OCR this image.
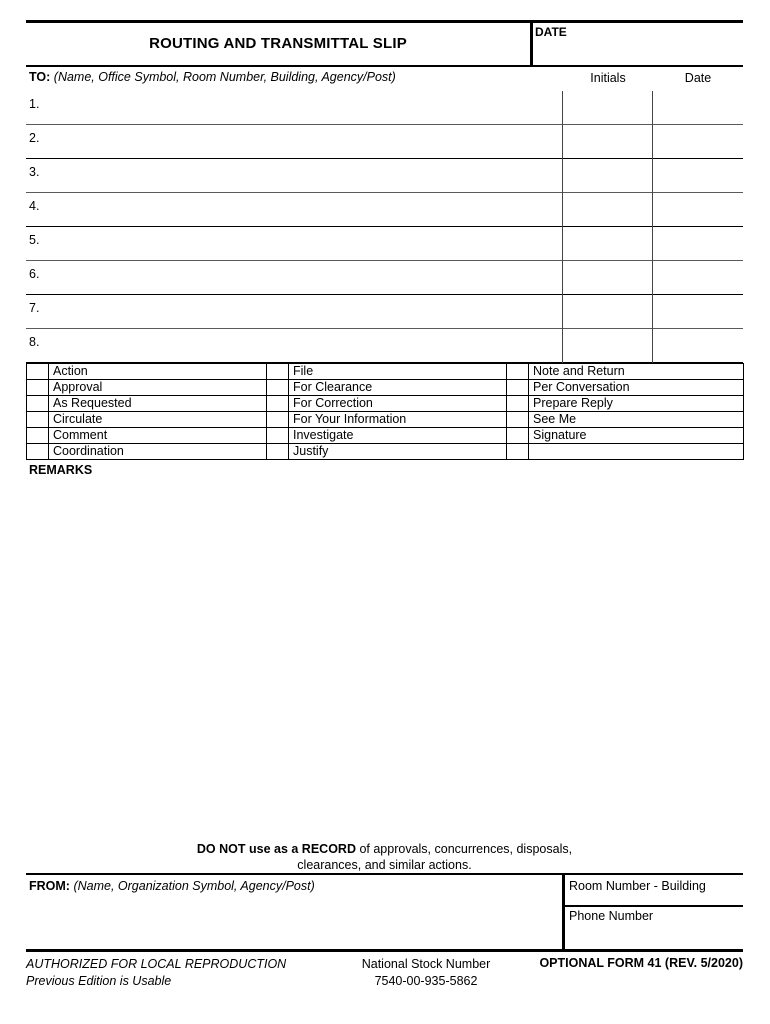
ROUTING AND TRANSMITTAL SLIP
DATE
TO: (Name, Office Symbol, Room Number, Building, Agency/Post)	Initials	Date
1.
2.
3.
4.
5.
6.
7.
8.
	Action		File		Note and Return
	Approval		For Clearance		Per Conversation
	As Requested		For Correction		Prepare Reply
	Circulate		For Your Information		See Me
	Comment		Investigate		Signature
	Coordination		Justify		
REMARKS
DO NOT use as a RECORD of approvals, concurrences, disposals,
clearances, and similar actions.
FROM: (Name, Organization Symbol, Agency/Post)	Room Number - Building
Phone Number
AUTHORIZED FOR LOCAL REPRODUCTION
Previous Edition is Usable
National Stock Number
7540-00-935-5862
OPTIONAL FORM 41 (REV. 5/2020)
